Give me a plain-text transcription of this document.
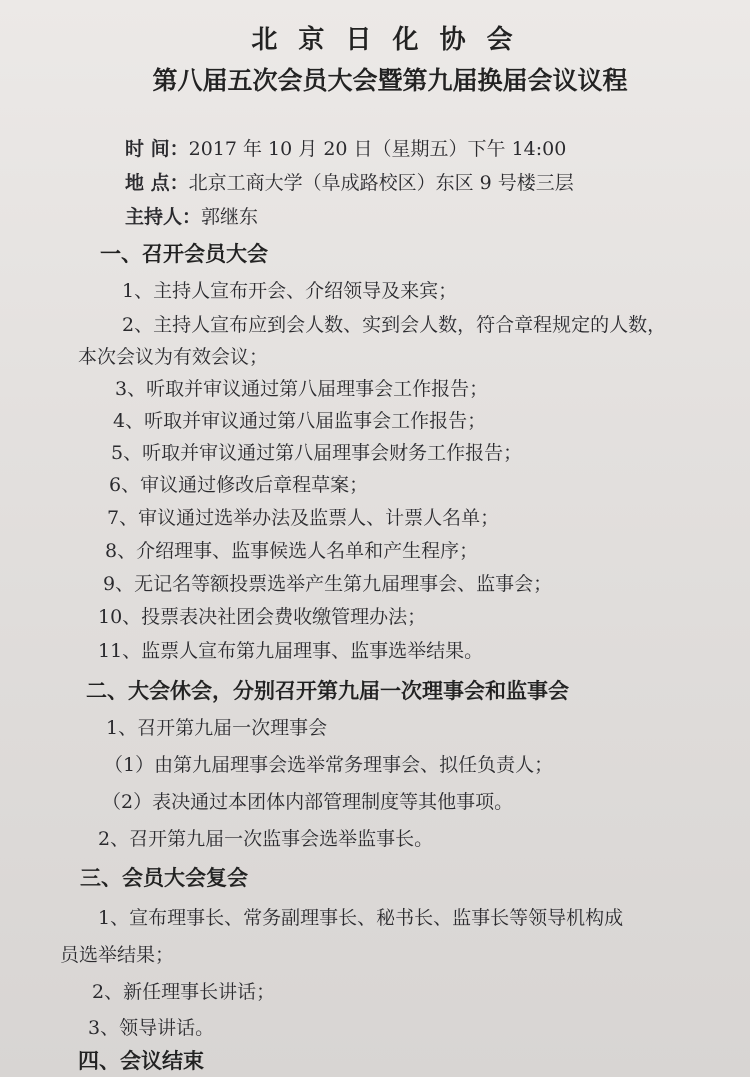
北 京 日 化 协 会
第八届五次会员大会暨第九届换届会议议程
时 间：2017 年 10 月 20 日（星期五）下午 14:00
地 点：北京工商大学（阜成路校区）东区 9 号楼三层
主持人：郭继东
一、召开会员大会
1、主持人宣布开会、介绍领导及来宾；
2、主持人宣布应到会人数、实到会人数，符合章程规定的人数，
本次会议为有效会议；
3、听取并审议通过第八届理事会工作报告；
4、听取并审议通过第八届监事会工作报告；
5、听取并审议通过第八届理事会财务工作报告；
6、审议通过修改后章程草案；
7、审议通过选举办法及监票人、计票人名单；
8、介绍理事、监事候选人名单和产生程序；
9、无记名等额投票选举产生第九届理事会、监事会；
10、投票表决社团会费收缴管理办法；
11、监票人宣布第九届理事、监事选举结果。
二、大会休会，分别召开第九届一次理事会和监事会
1、召开第九届一次理事会
（1）由第九届理事会选举常务理事会、拟任负责人；
（2）表决通过本团体内部管理制度等其他事项。
2、召开第九届一次监事会选举监事长。
三、会员大会复会
1、宣布理事长、常务副理事长、秘书长、监事长等领导机构成
员选举结果；
2、新任理事长讲话；
3、领导讲话。
四、会议结束
